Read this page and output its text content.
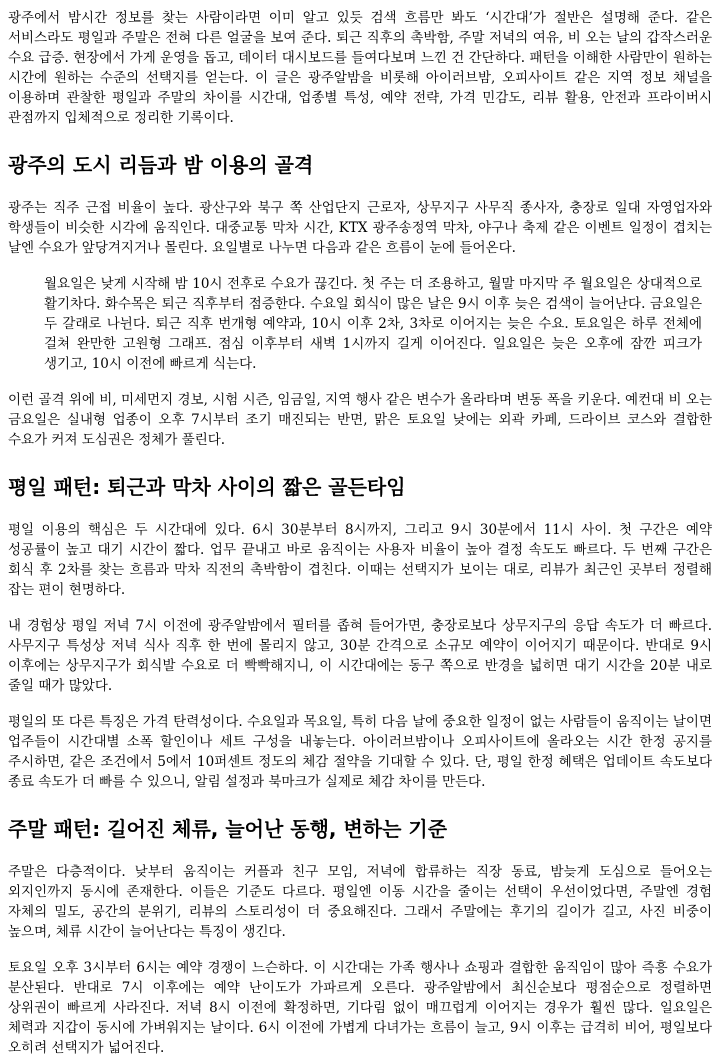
광주에서 밤시간 정보를 찾는 사람이라면 이미 알고 있듯 검색 흐름만 봐도 ‘시간대’가 절반은 설명해 준다. 같은 서비스라도 평일과 주말은 전혀 다른 얼굴을 보여 준다. 퇴근 직후의 촉박함, 주말 저녁의 여유, 비 오는 날의 갑작스러운 수요 급증. 현장에서 가게 운영을 돕고, 데이터 대시보드를 들여다보며 느낀 건 간단하다. 패턴을 이해한 사람만이 원하는 시간에 원하는 수준의 선택지를 얻는다. 이 글은 광주알밤을 비롯해 아이러브밤, 오피사이트 같은 지역 정보 채널을 이용하며 관찰한 평일과 주말의 차이를 시간대, 업종별 특성, 예약 전략, 가격 민감도, 리뷰 활용, 안전과 프라이버시 관점까지 입체적으로 정리한 기록이다.

광주의 도시 리듬과 밤 이용의 골격

광주는 직주 근접 비율이 높다. 광산구와 북구 쪽 산업단지 근로자, 상무지구 사무직 종사자, 충장로 일대 자영업자와 학생들이 비슷한 시각에 움직인다. 대중교통 막차 시간, KTX 광주송정역 막차, 야구나 축제 같은 이벤트 일정이 겹치는 날엔 수요가 앞당겨지거나 몰린다. 요일별로 나누면 다음과 같은 흐름이 눈에 들어온다.

월요일은 낮게 시작해 밤 10시 전후로 수요가 끊긴다. 첫 주는 더 조용하고, 월말 마지막 주 월요일은 상대적으로 활기차다. 화수목은 퇴근 직후부터 점증한다. 수요일 회식이 많은 날은 9시 이후 늦은 검색이 늘어난다. 금요일은 두 갈래로 나뉜다. 퇴근 직후 번개형 예약과, 10시 이후 2차, 3차로 이어지는 늦은 수요. 토요일은 하루 전체에 걸쳐 완만한 고원형 그래프. 점심 이후부터 새벽 1시까지 길게 이어진다. 일요일은 늦은 오후에 잠깐 피크가 생기고, 10시 이전에 빠르게 식는다.

이런 골격 위에 비, 미세먼지 경보, 시험 시즌, 임금일, 지역 행사 같은 변수가 올라타며 변동 폭을 키운다. 예컨대 비 오는 금요일은 실내형 업종이 오후 7시부터 조기 매진되는 반면, 맑은 토요일 낮에는 외곽 카페, 드라이브 코스와 결합한 수요가 커져 도심권은 정체가 풀린다.

평일 패턴: 퇴근과 막차 사이의 짧은 골든타임

평일 이용의 핵심은 두 시간대에 있다. 6시 30분부터 8시까지, 그리고 9시 30분에서 11시 사이. 첫 구간은 예약 성공률이 높고 대기 시간이 짧다. 업무 끝내고 바로 움직이는 사용자 비율이 높아 결정 속도도 빠르다. 두 번째 구간은 회식 후 2차를 찾는 흐름과 막차 직전의 촉박함이 겹친다. 이때는 선택지가 보이는 대로, 리뷰가 최근인 곳부터 정렬해 잡는 편이 현명하다.

내 경험상 평일 저녁 7시 이전에 광주알밤에서 필터를 좁혀 들어가면, 충장로보다 상무지구의 응답 속도가 더 빠르다. 사무지구 특성상 저녁 식사 직후 한 번에 몰리지 않고, 30분 간격으로 소규모 예약이 이어지기 때문이다. 반대로 9시 이후에는 상무지구가 회식발 수요로 더 빡빡해지니, 이 시간대에는 동구 쪽으로 반경을 넓히면 대기 시간을 20분 내로 줄일 때가 많았다.

평일의 또 다른 특징은 가격 탄력성이다. 수요일과 목요일, 특히 다음 날에 중요한 일정이 없는 사람들이 움직이는 날이면 업주들이 시간대별 소폭 할인이나 세트 구성을 내놓는다. 아이러브밤이나 오피사이트에 올라오는 시간 한정 공지를 주시하면, 같은 조건에서 5에서 10퍼센트 정도의 체감 절약을 기대할 수 있다. 단, 평일 한정 혜택은 업데이트 속도보다 종료 속도가 더 빠를 수 있으니, 알림 설정과 북마크가 실제로 체감 차이를 만든다.

주말 패턴: 길어진 체류, 늘어난 동행, 변하는 기준

주말은 다층적이다. 낮부터 움직이는 커플과 친구 모임, 저녁에 합류하는 직장 동료, 밤늦게 도심으로 들어오는 외지인까지 동시에 존재한다. 이들은 기준도 다르다. 평일엔 이동 시간을 줄이는 선택이 우선이었다면, 주말엔 경험 자체의 밀도, 공간의 분위기, 리뷰의 스토리성이 더 중요해진다. 그래서 주말에는 후기의 길이가 길고, 사진 비중이 높으며, 체류 시간이 늘어난다는 특징이 생긴다.

토요일 오후 3시부터 6시는 예약 경쟁이 느슨하다. 이 시간대는 가족 행사나 쇼핑과 결합한 움직임이 많아 즉흥 수요가 분산된다. 반대로 7시 이후에는 예약 난이도가 가파르게 오른다. 광주알밤에서 최신순보다 평점순으로 정렬하면 상위권이 빠르게 사라진다. 저녁 8시 이전에 확정하면, 기다림 없이 매끄럽게 이어지는 경우가 훨씬 많다. 일요일은 체력과 지갑이 동시에 가벼워지는 날이다. 6시 이전에 가볍게 다녀가는 흐름이 늘고, 9시 이후는 급격히 비어, 평일보다 오히려 선택지가 넓어진다.
